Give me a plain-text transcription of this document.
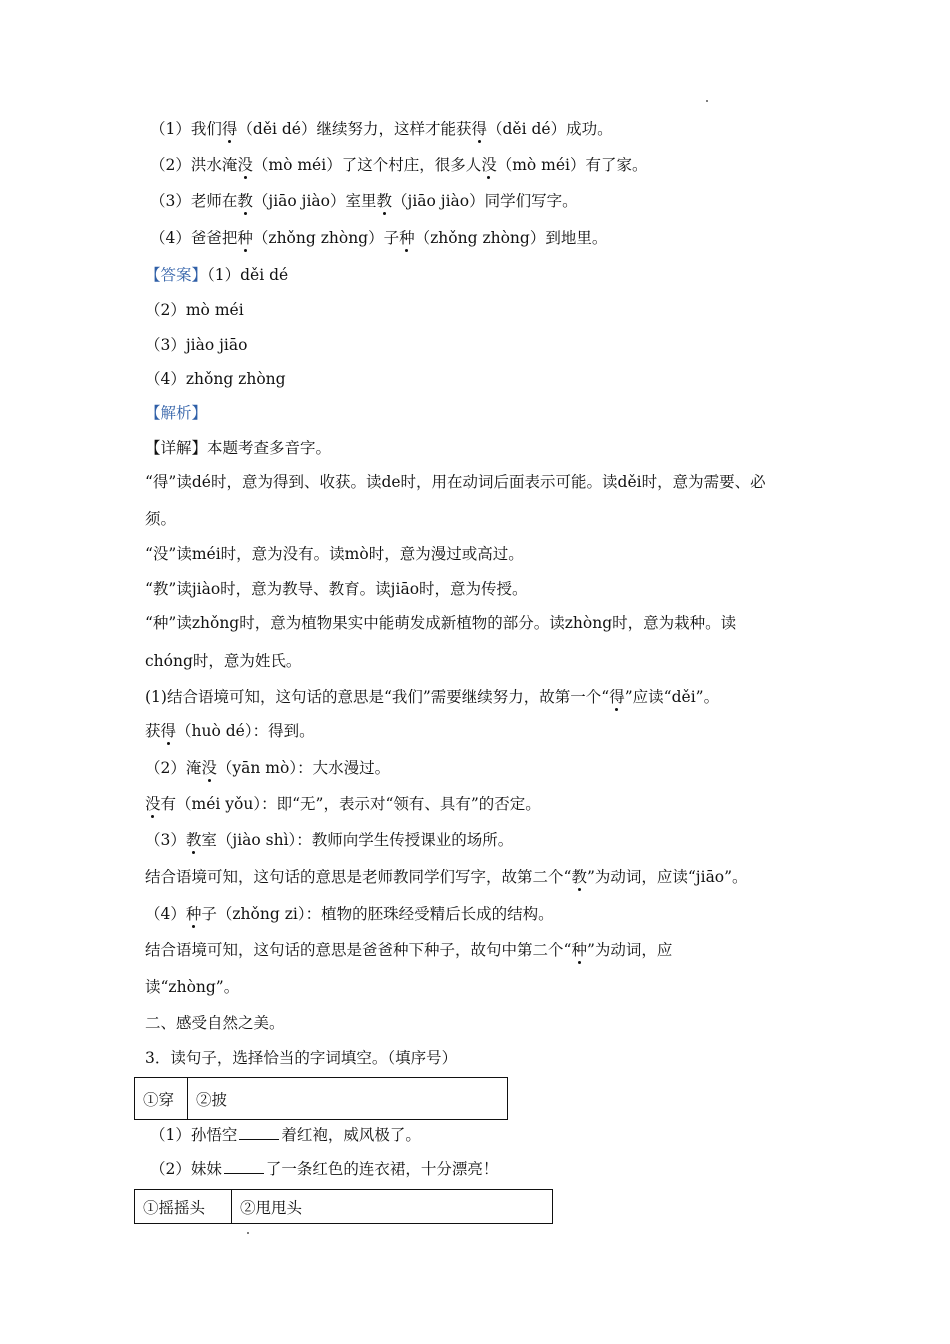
（1）我们得（děi dé）继续努力，这样才能获得（děi dé）成功。
（2）洪水淹没（mò méi）了这个村庄，很多人没（mò méi）有了家。
（3）老师在教（jiāo jiào）室里教（jiāo jiào）同学们写字。
（4）爸爸把种（zhǒng zhòng）子种（zhǒng zhòng）到地里。
【答案】（1）děi dé
（2）mò méi
（3）jiào jiāo
（4）zhǒng zhòng
【解析】
【详解】本题考查多音字。
“得”读dé时，意为得到、收获。读de时，用在动词后面表示可能。读děi时，意为需要、必
须。
“没”读méi时，意为没有。读mò时，意为漫过或高过。
“教”读jiào时，意为教导、教育。读jiāo时，意为传授。
“种”读zhǒng时，意为植物果实中能萌发成新植物的部分。读zhòng时，意为栽种。读
chóng时，意为姓氏。
(1)结合语境可知，这句话的意思是“我们”需要继续努力，故第一个“得”应读“děi”。
获得（huò dé）：得到。
（2）淹没（yān mò）：大水漫过。
没有（méi yǒu）：即“无”，表示对“领有、具有”的否定。
（3）教室（jiào shì）：教师向学生传授课业的场所。
结合语境可知，这句话的意思是老师教同学们写字，故第二个“教”为动词，应读“jiāo”。
（4）种子（zhǒng zi）：植物的胚珠经受精后长成的结构。
结合语境可知，这句话的意思是爸爸种下种子，故句中第二个“种”为动词，应
读“zhòng”。
二、感受自然之美。
3．读句子，选择恰当的字词填空。（填序号）
①穿	②披
（1）孙悟空	着红袍，威风极了。
（2）妹妹	了一条红色的连衣裙，十分漂亮！
①摇摇头	②甩甩头
